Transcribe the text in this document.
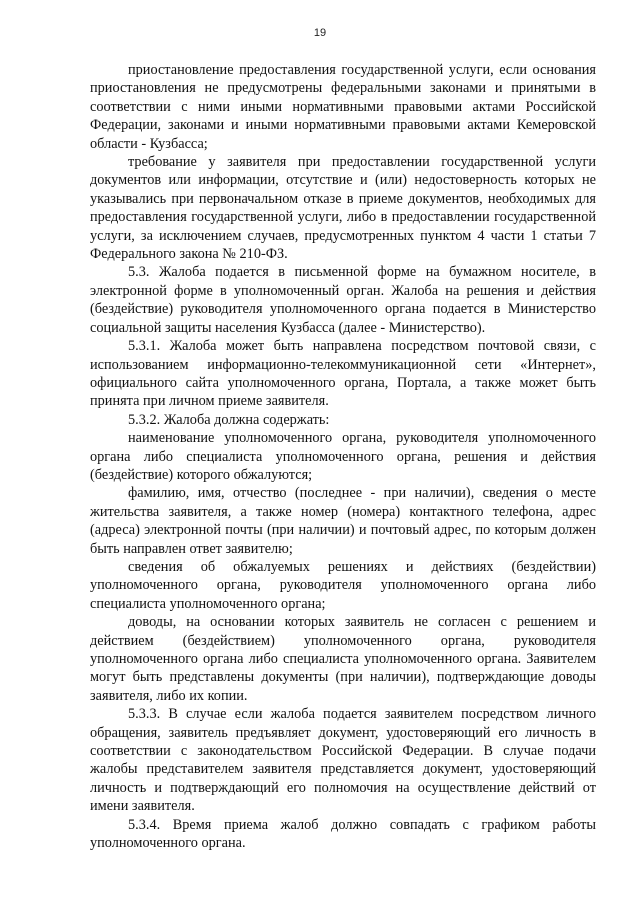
19

приостановление предоставления государственной услуги, если основания приостановления не предусмотрены федеральными законами и принятыми в соответствии с ними иными нормативными правовыми актами Российской Федерации, законами и иными нормативными правовыми актами Кемеровской области - Кузбасса;

требование у заявителя при предоставлении государственной услуги документов или информации, отсутствие и (или) недостоверность которых не указывались при первоначальном отказе в приеме документов, необходимых для предоставления государственной услуги, либо в предоставлении государственной услуги, за исключением случаев, предусмотренных пунктом 4 части 1 статьи 7 Федерального закона № 210-ФЗ.

5.3. Жалоба подается в письменной форме на бумажном носителе, в электронной форме в уполномоченный орган. Жалоба на решения и действия (бездействие) руководителя уполномоченного органа подается в Министерство социальной защиты населения Кузбасса (далее - Министерство).

5.3.1. Жалоба может быть направлена посредством почтовой связи, с использованием информационно-телекоммуникационной сети «Интернет», официального сайта уполномоченного органа, Портала, а также может быть принята при личном приеме заявителя.

5.3.2. Жалоба должна содержать:

наименование уполномоченного органа, руководителя уполномоченного органа либо специалиста уполномоченного органа, решения и действия (бездействие) которого обжалуются;

фамилию, имя, отчество (последнее - при наличии), сведения о месте жительства заявителя, а также номер (номера) контактного телефона, адрес (адреса) электронной почты (при наличии) и почтовый адрес, по которым должен быть направлен ответ заявителю;

сведения об обжалуемых решениях и действиях (бездействии) уполномоченного органа, руководителя уполномоченного органа либо специалиста уполномоченного органа;

доводы, на основании которых заявитель не согласен с решением и действием (бездействием) уполномоченного органа, руководителя уполномоченного органа либо специалиста уполномоченного органа. Заявителем могут быть представлены документы (при наличии), подтверждающие доводы заявителя, либо их копии.

5.3.3. В случае если жалоба подается заявителем посредством личного обращения, заявитель предъявляет документ, удостоверяющий его личность в соответствии с законодательством Российской Федерации. В случае подачи жалобы представителем заявителя представляется документ, удостоверяющий личность и подтверждающий его полномочия на осуществление действий от имени заявителя.

5.3.4. Время приема жалоб должно совпадать с графиком работы уполномоченного органа.
